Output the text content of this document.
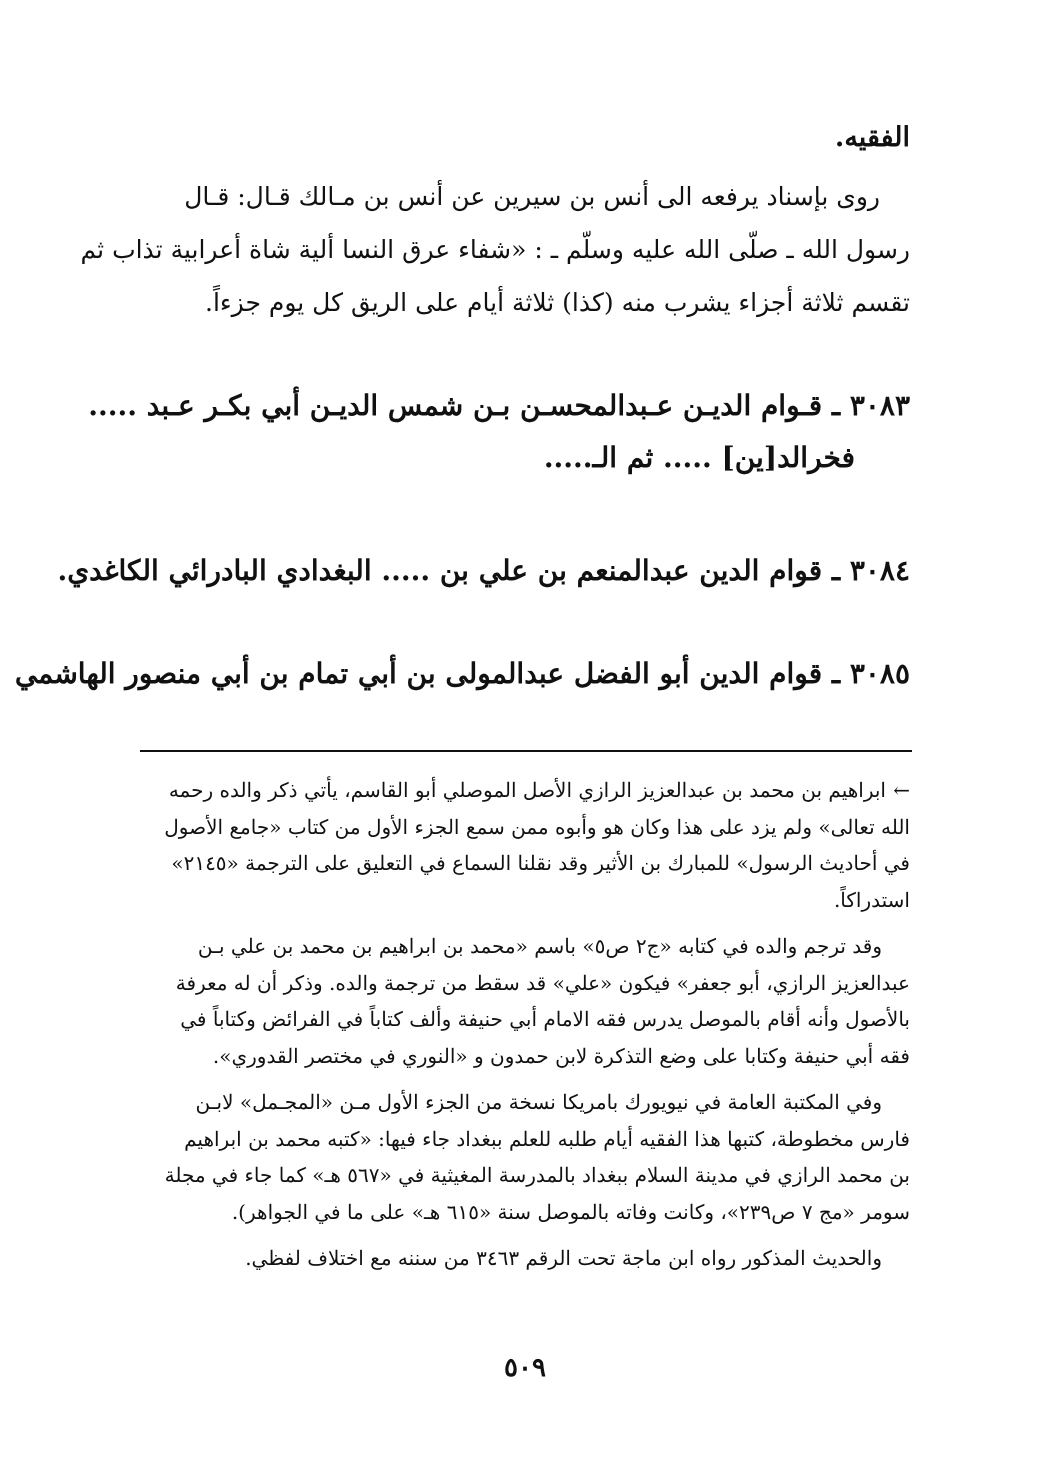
الفقيه.
روى بإسناد يرفعه الى أنس بن سيرين عن أنس بن مـالك قـال: قـال
رسول الله ـ صلّى الله عليه وسلّم ـ : «شفاء عرق النسا ألية شاة أعرابية تذاب ثم
تقسم ثلاثة أجزاء يشرب منه (كذا) ثلاثة أيام على الريق كل يوم جزءاً.
٣٠٨٣ ـ قـوام الديـن عـبدالمحسـن بـن شمس الديـن أبي بكـر عـبد .....
فخرالد[ين] ..... ثم الـ.....
٣٠٨٤ ـ قوام الدين عبدالمنعم بن علي بن ..... البغدادي البادرائي الكاغدي.
٣٠٨٥ ـ قوام الدين أبو الفضل عبدالمولى بن أبي تمام بن أبي منصور الهاشمي
←ابراهيم بن محمد بن عبدالعزيز الرازي الأصل الموصلي أبو القاسم، يأتي ذكر والده رحمه
الله تعالى» ولم يزد على هذا وكان هو وأبوه ممن سمع الجزء الأول من كتاب «جامع الأصول
في أحاديث الرسول» للمبارك بن الأثير وقد نقلنا السماع في التعليق على الترجمة «٢١٤٥»
استدراكاً.
وقد ترجم والده في كتابه «ج٢ ص٥» باسم «محمد بن ابراهيم بن محمد بن علي بـن
عبدالعزيز الرازي، أبو جعفر» فيكون «علي» قد سقط من ترجمة والده. وذكر أن له معرفة
بالأصول وأنه أقام بالموصل يدرس فقه الامام أبي حنيفة وألف كتاباً في الفرائض وكتاباً في
فقه أبي حنيفة وكتابا على وضع التذكرة لابن حمدون و «النوري في مختصر القدوري».
وفي المكتبة العامة في نيويورك بامريكا نسخة من الجزء الأول مـن «المجـمل» لابـن
فارس مخطوطة، كتبها هذا الفقيه أيام طلبه للعلم ببغداد جاء فيها: «كتبه محمد بن ابراهيم
بن محمد الرازي في مدينة السلام ببغداد بالمدرسة المغيثية في «٥٦٧ هـ» كما جاء في مجلة
سومر «مج ٧ ص٢٣٩»، وكانت وفاته بالموصل سنة «٦١٥ هـ» على ما في الجواهر).
والحديث المذكور رواه ابن ماجة تحت الرقم ٣٤٦٣ من سننه مع اختلاف لفظي.
٥٠٩
